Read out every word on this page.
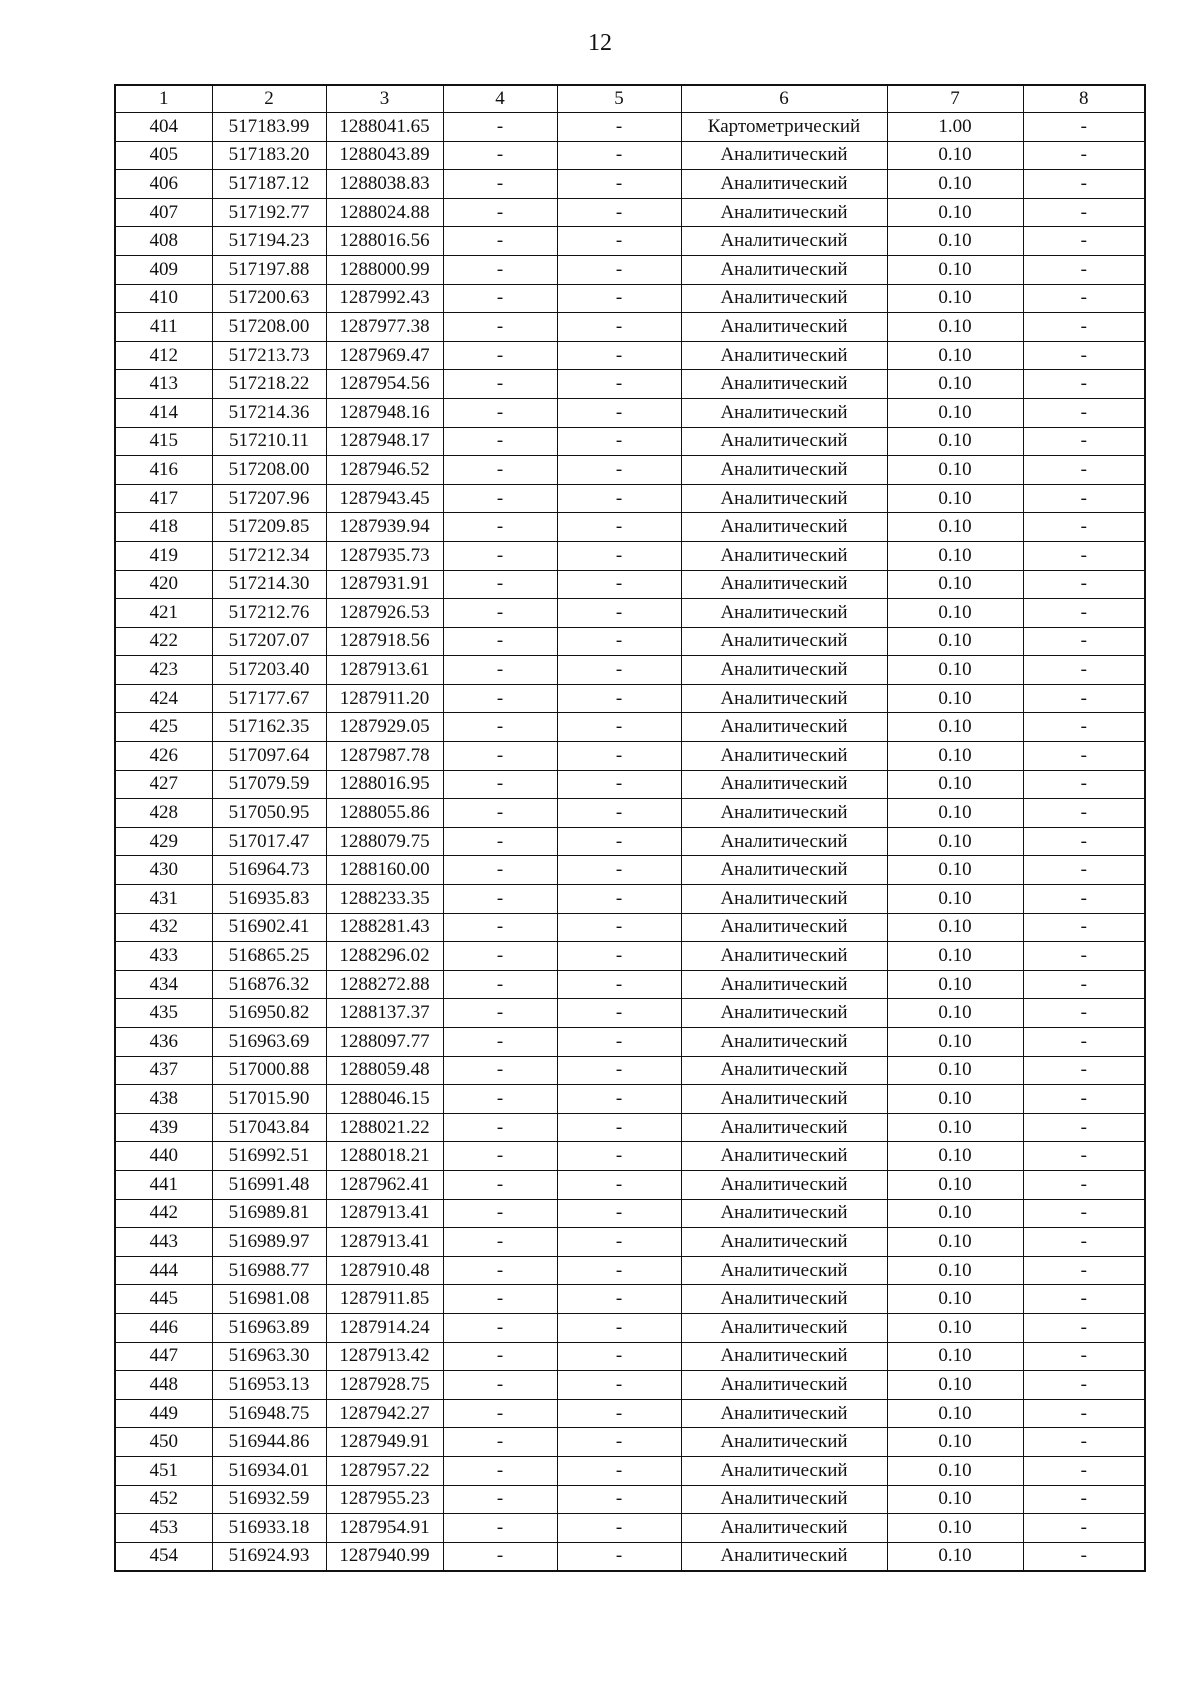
12
1	2	3	4	5	6	7	8
404	517183.99	1288041.65	-	-	Картометрический	1.00	-
405	517183.20	1288043.89	-	-	Аналитический	0.10	-
406	517187.12	1288038.83	-	-	Аналитический	0.10	-
407	517192.77	1288024.88	-	-	Аналитический	0.10	-
408	517194.23	1288016.56	-	-	Аналитический	0.10	-
409	517197.88	1288000.99	-	-	Аналитический	0.10	-
410	517200.63	1287992.43	-	-	Аналитический	0.10	-
411	517208.00	1287977.38	-	-	Аналитический	0.10	-
412	517213.73	1287969.47	-	-	Аналитический	0.10	-
413	517218.22	1287954.56	-	-	Аналитический	0.10	-
414	517214.36	1287948.16	-	-	Аналитический	0.10	-
415	517210.11	1287948.17	-	-	Аналитический	0.10	-
416	517208.00	1287946.52	-	-	Аналитический	0.10	-
417	517207.96	1287943.45	-	-	Аналитический	0.10	-
418	517209.85	1287939.94	-	-	Аналитический	0.10	-
419	517212.34	1287935.73	-	-	Аналитический	0.10	-
420	517214.30	1287931.91	-	-	Аналитический	0.10	-
421	517212.76	1287926.53	-	-	Аналитический	0.10	-
422	517207.07	1287918.56	-	-	Аналитический	0.10	-
423	517203.40	1287913.61	-	-	Аналитический	0.10	-
424	517177.67	1287911.20	-	-	Аналитический	0.10	-
425	517162.35	1287929.05	-	-	Аналитический	0.10	-
426	517097.64	1287987.78	-	-	Аналитический	0.10	-
427	517079.59	1288016.95	-	-	Аналитический	0.10	-
428	517050.95	1288055.86	-	-	Аналитический	0.10	-
429	517017.47	1288079.75	-	-	Аналитический	0.10	-
430	516964.73	1288160.00	-	-	Аналитический	0.10	-
431	516935.83	1288233.35	-	-	Аналитический	0.10	-
432	516902.41	1288281.43	-	-	Аналитический	0.10	-
433	516865.25	1288296.02	-	-	Аналитический	0.10	-
434	516876.32	1288272.88	-	-	Аналитический	0.10	-
435	516950.82	1288137.37	-	-	Аналитический	0.10	-
436	516963.69	1288097.77	-	-	Аналитический	0.10	-
437	517000.88	1288059.48	-	-	Аналитический	0.10	-
438	517015.90	1288046.15	-	-	Аналитический	0.10	-
439	517043.84	1288021.22	-	-	Аналитический	0.10	-
440	516992.51	1288018.21	-	-	Аналитический	0.10	-
441	516991.48	1287962.41	-	-	Аналитический	0.10	-
442	516989.81	1287913.41	-	-	Аналитический	0.10	-
443	516989.97	1287913.41	-	-	Аналитический	0.10	-
444	516988.77	1287910.48	-	-	Аналитический	0.10	-
445	516981.08	1287911.85	-	-	Аналитический	0.10	-
446	516963.89	1287914.24	-	-	Аналитический	0.10	-
447	516963.30	1287913.42	-	-	Аналитический	0.10	-
448	516953.13	1287928.75	-	-	Аналитический	0.10	-
449	516948.75	1287942.27	-	-	Аналитический	0.10	-
450	516944.86	1287949.91	-	-	Аналитический	0.10	-
451	516934.01	1287957.22	-	-	Аналитический	0.10	-
452	516932.59	1287955.23	-	-	Аналитический	0.10	-
453	516933.18	1287954.91	-	-	Аналитический	0.10	-
454	516924.93	1287940.99	-	-	Аналитический	0.10	-
